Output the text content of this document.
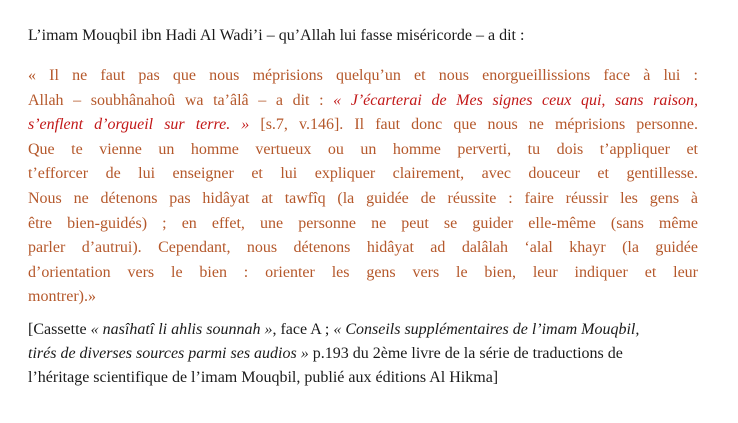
L’imam Mouqbil ibn Hadi Al Wadi’i – qu’Allah lui fasse miséricorde – a dit :

« Il ne faut pas que nous méprisions quelqu’un et nous enorgueillissions face à lui :
Allah – soubhânahoû wa ta’âlâ – a dit : « J’écarterai de Mes signes ceux qui, sans raison,
s’enflent d’orgueil sur terre. » [s.7, v.146]. Il faut donc que nous ne méprisions personne.
Que te vienne un homme vertueux ou un homme perverti, tu dois t’appliquer et
t’efforcer de lui enseigner et lui expliquer clairement, avec douceur et gentillesse.
Nous ne détenons pas hidâyat at tawfîq (la guidée de réussite : faire réussir les gens à
être bien-guidés) ; en effet, une personne ne peut se guider elle-même (sans même
parler d’autrui). Cependant, nous détenons hidâyat ad dalâlah ‘alal khayr (la guidée
d’orientation vers le bien : orienter les gens vers le bien, leur indiquer et leur
montrer).»
[Cassette « nasîhatî li ahlis sounnah », face A ; « Conseils supplémentaires de l’imam Mouqbil,
tirés de diverses sources parmi ses audios » p.193 du 2ème livre de la série de traductions de
l’héritage scientifique de l’imam Mouqbil, publié aux éditions Al Hikma]
